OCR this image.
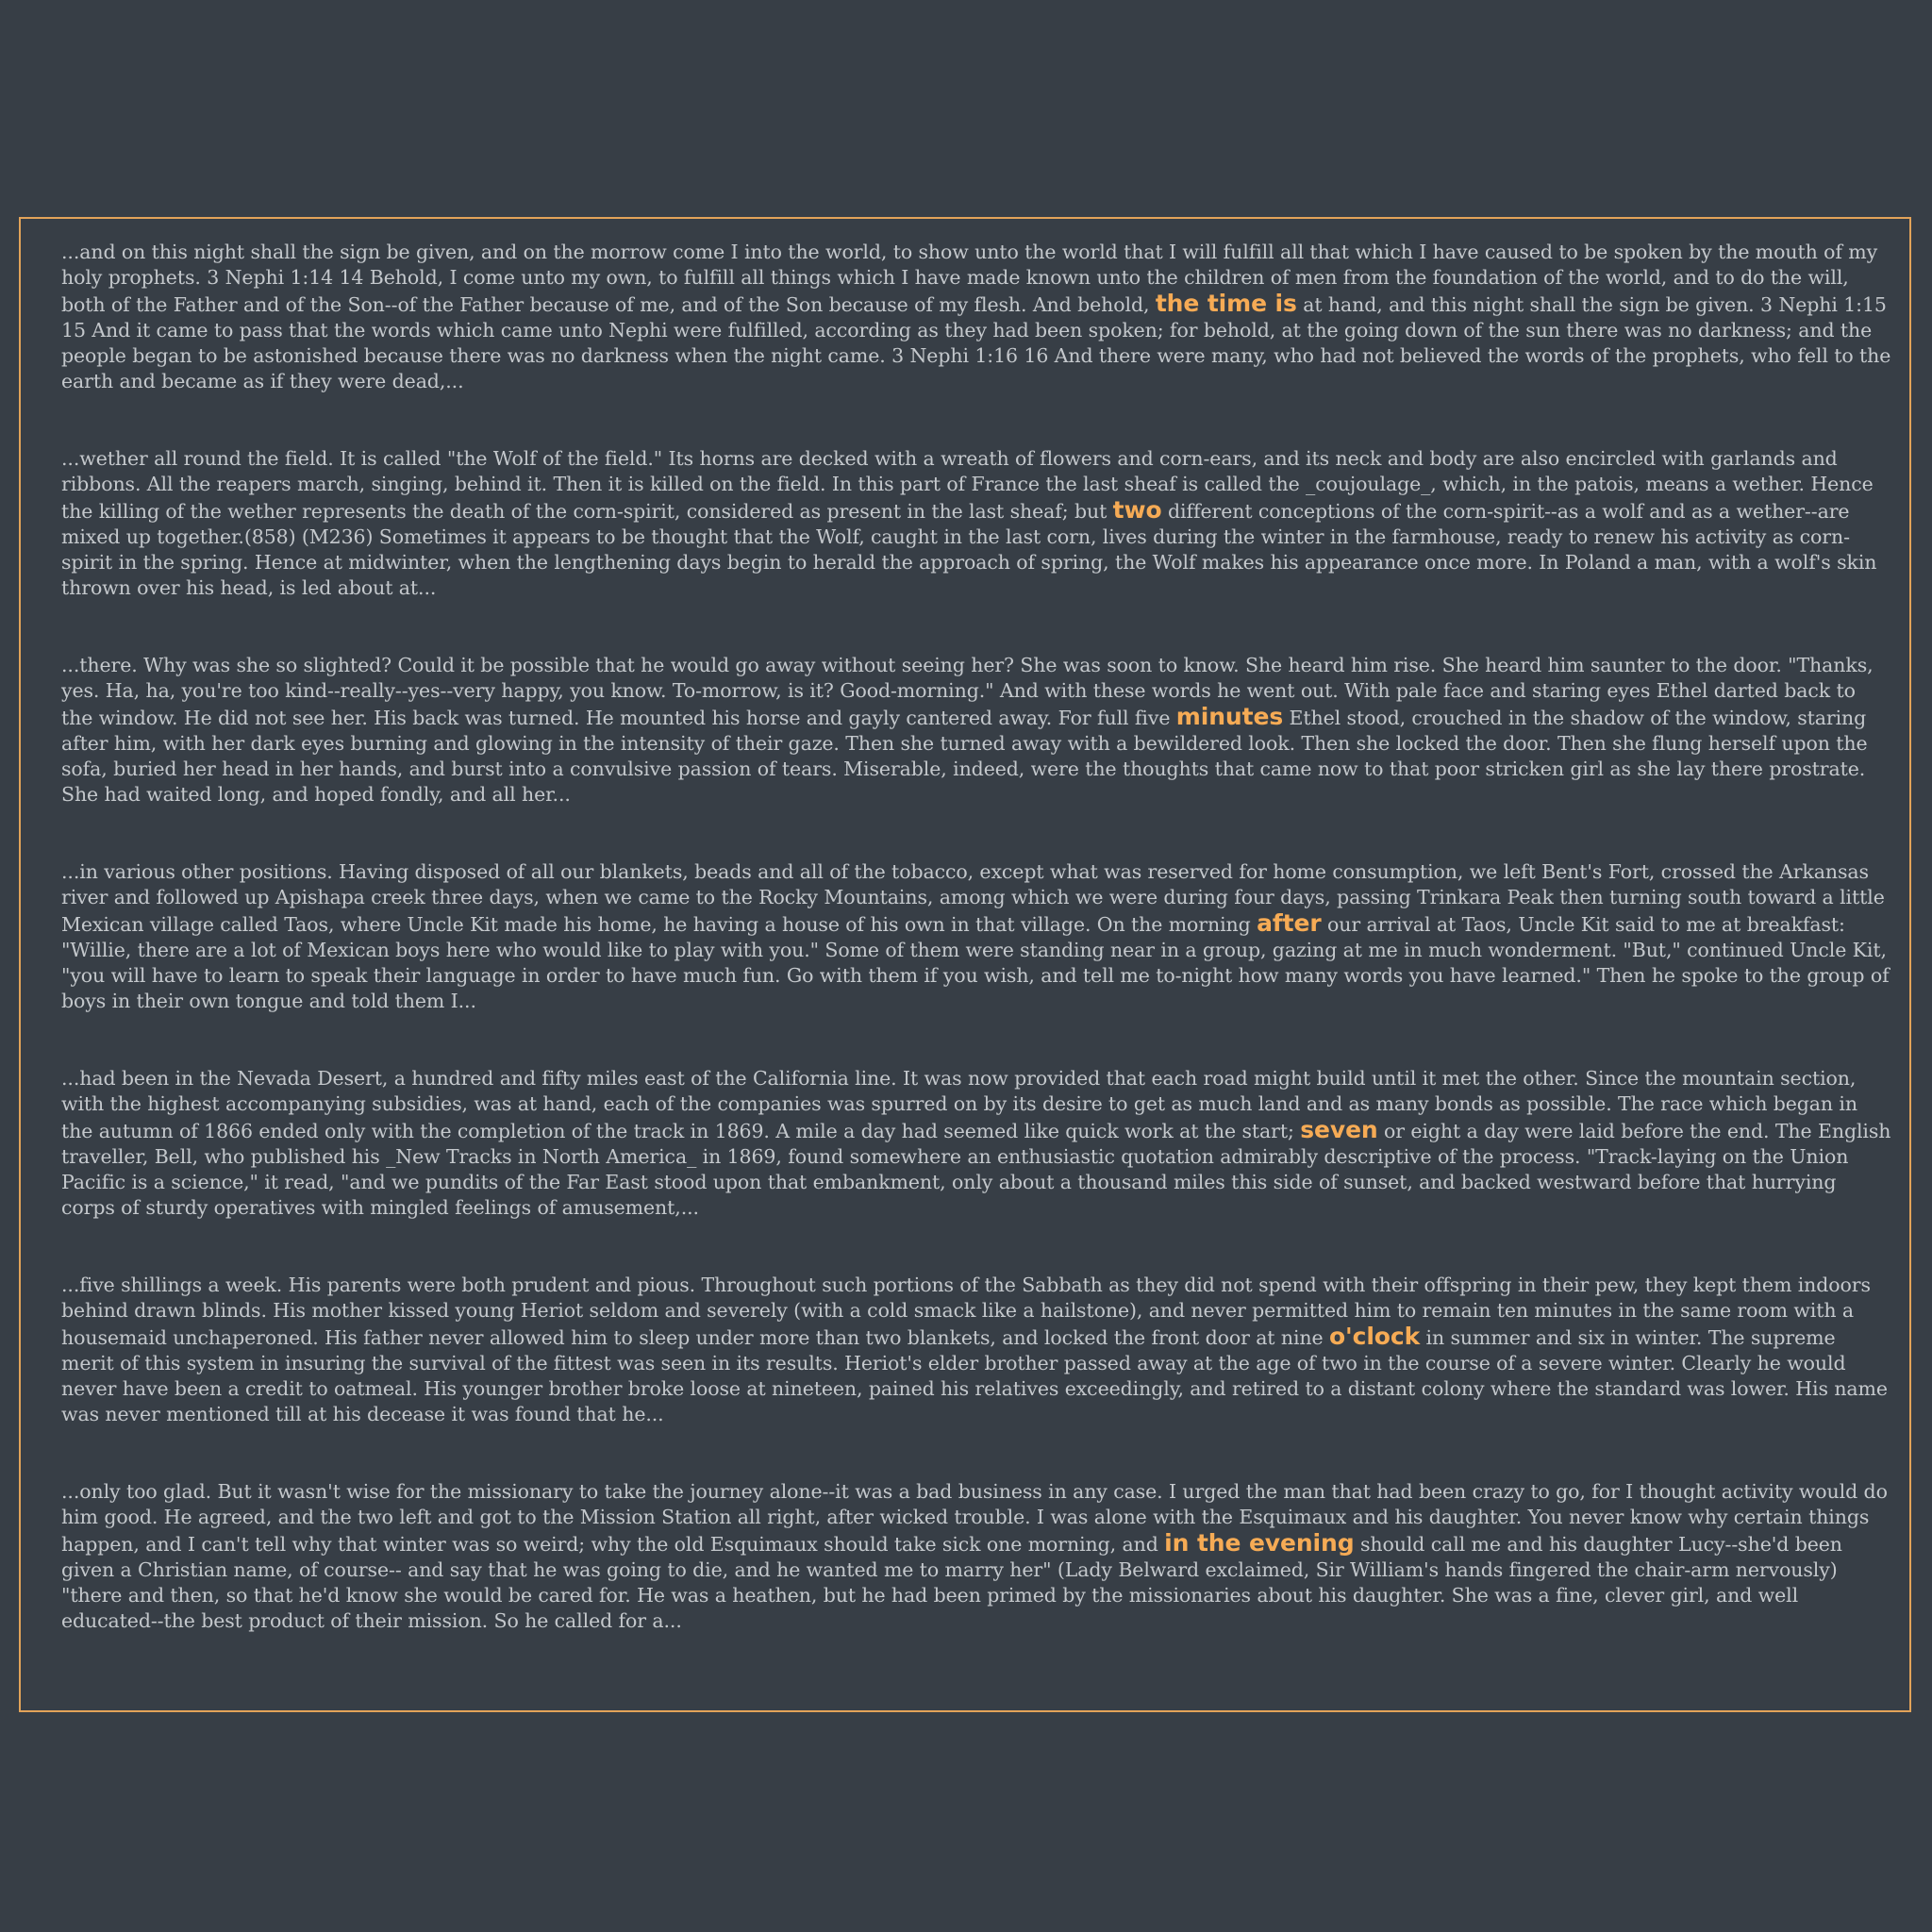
...and on this night shall the sign be given, and on the morrow come I into the world, to show unto the world that I will fulfill all that which I have caused to be spoken by the mouth of my holy prophets. 3 Nephi 1:14 14 Behold, I come unto my own, to fulfill all things which I have made known unto the children of men from the foundation of the world, and to do the will, both of the Father and of the Son--of the Father because of me, and of the Son because of my flesh. And behold, the time is at hand, and this night shall the sign be given. 3 Nephi 1:15 15 And it came to pass that the words which came unto Nephi were fulfilled, according as they had been spoken; for behold, at the going down of the sun there was no darkness; and the people began to be astonished because there was no darkness when the night came. 3 Nephi 1:16 16 And there were many, who had not believed the words of the prophets, who fell to the earth and became as if they were dead,...

...wether all round the field. It is called "the Wolf of the field." Its horns are decked with a wreath of flowers and corn-ears, and its neck and body are also encircled with garlands and ribbons. All the reapers march, singing, behind it. Then it is killed on the field. In this part of France the last sheaf is called the _coujoulage_, which, in the patois, means a wether. Hence the killing of the wether represents the death of the corn-spirit, considered as present in the last sheaf; but two different conceptions of the corn-spirit--as a wolf and as a wether--are mixed up together.(858) (M236) Sometimes it appears to be thought that the Wolf, caught in the last corn, lives during the winter in the farmhouse, ready to renew his activity as corn-spirit in the spring. Hence at midwinter, when the lengthening days begin to herald the approach of spring, the Wolf makes his appearance once more. In Poland a man, with a wolf's skin thrown over his head, is led about at...

...there. Why was she so slighted? Could it be possible that he would go away without seeing her? She was soon to know. She heard him rise. She heard him saunter to the door. "Thanks, yes. Ha, ha, you're too kind--really--yes--very happy, you know. To-morrow, is it? Good-morning." And with these words he went out. With pale face and staring eyes Ethel darted back to the window. He did not see her. His back was turned. He mounted his horse and gayly cantered away. For full five minutes Ethel stood, crouched in the shadow of the window, staring after him, with her dark eyes burning and glowing in the intensity of their gaze. Then she turned away with a bewildered look. Then she locked the door. Then she flung herself upon the sofa, buried her head in her hands, and burst into a convulsive passion of tears. Miserable, indeed, were the thoughts that came now to that poor stricken girl as she lay there prostrate. She had waited long, and hoped fondly, and all her...

...in various other positions. Having disposed of all our blankets, beads and all of the tobacco, except what was reserved for home consumption, we left Bent's Fort, crossed the Arkansas river and followed up Apishapa creek three days, when we came to the Rocky Mountains, among which we were during four days, passing Trinkara Peak then turning south toward a little Mexican village called Taos, where Uncle Kit made his home, he having a house of his own in that village. On the morning after our arrival at Taos, Uncle Kit said to me at breakfast: "Willie, there are a lot of Mexican boys here who would like to play with you." Some of them were standing near in a group, gazing at me in much wonderment. "But," continued Uncle Kit, "you will have to learn to speak their language in order to have much fun. Go with them if you wish, and tell me to-night how many words you have learned." Then he spoke to the group of boys in their own tongue and told them I...

...had been in the Nevada Desert, a hundred and fifty miles east of the California line. It was now provided that each road might build until it met the other. Since the mountain section, with the highest accompanying subsidies, was at hand, each of the companies was spurred on by its desire to get as much land and as many bonds as possible. The race which began in the autumn of 1866 ended only with the completion of the track in 1869. A mile a day had seemed like quick work at the start; seven or eight a day were laid before the end. The English traveller, Bell, who published his _New Tracks in North America_ in 1869, found somewhere an enthusiastic quotation admirably descriptive of the process. "Track-laying on the Union Pacific is a science," it read, "and we pundits of the Far East stood upon that embankment, only about a thousand miles this side of sunset, and backed westward before that hurrying corps of sturdy operatives with mingled feelings of amusement,...

...five shillings a week. His parents were both prudent and pious. Throughout such portions of the Sabbath as they did not spend with their offspring in their pew, they kept them indoors behind drawn blinds. His mother kissed young Heriot seldom and severely (with a cold smack like a hailstone), and never permitted him to remain ten minutes in the same room with a housemaid unchaperoned. His father never allowed him to sleep under more than two blankets, and locked the front door at nine o'clock in summer and six in winter. The supreme merit of this system in insuring the survival of the fittest was seen in its results. Heriot's elder brother passed away at the age of two in the course of a severe winter. Clearly he would never have been a credit to oatmeal. His younger brother broke loose at nineteen, pained his relatives exceedingly, and retired to a distant colony where the standard was lower. His name was never mentioned till at his decease it was found that he...

...only too glad. But it wasn't wise for the missionary to take the journey alone--it was a bad business in any case. I urged the man that had been crazy to go, for I thought activity would do him good. He agreed, and the two left and got to the Mission Station all right, after wicked trouble. I was alone with the Esquimaux and his daughter. You never know why certain things happen, and I can't tell why that winter was so weird; why the old Esquimaux should take sick one morning, and in the evening should call me and his daughter Lucy--she'd been given a Christian name, of course-- and say that he was going to die, and he wanted me to marry her" (Lady Belward exclaimed, Sir William's hands fingered the chair-arm nervously) "there and then, so that he'd know she would be cared for. He was a heathen, but he had been primed by the missionaries about his daughter. She was a fine, clever girl, and well educated--the best product of their mission. So he called for a...
